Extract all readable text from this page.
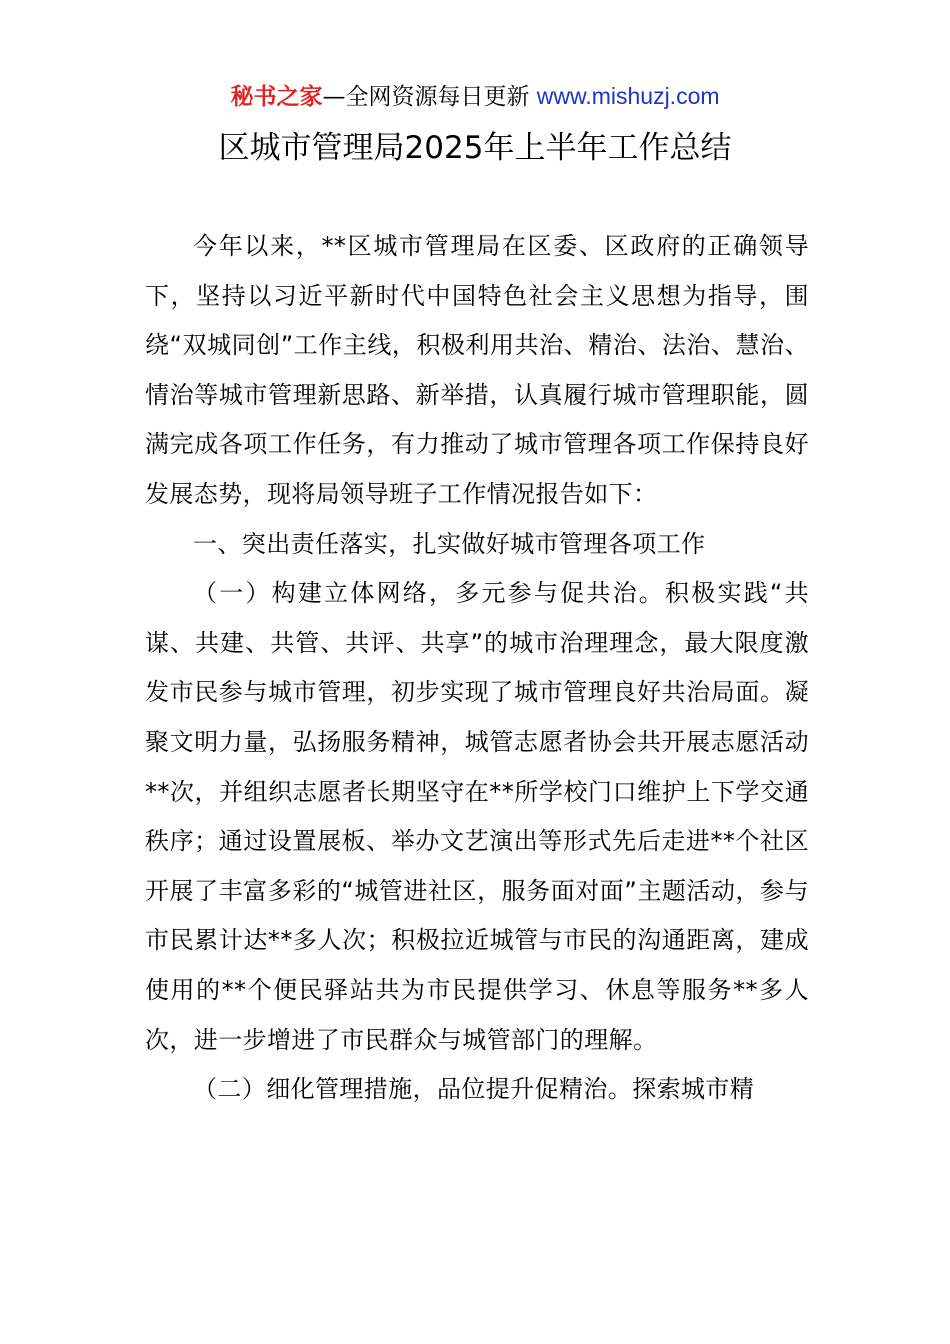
秘书之家—全网资源每日更新 www.mishuzj.com
区城市管理局2025年上半年工作总结

今年以来，**区城市管理局在区委、区政府的正确领导下，坚持以习近平新时代中国特色社会主义思想为指导，围绕“双城同创”工作主线，积极利用共治、精治、法治、慧治、情治等城市管理新思路、新举措，认真履行城市管理职能，圆满完成各项工作任务，有力推动了城市管理各项工作保持良好发展态势，现将局领导班子工作情况报告如下：

一、突出责任落实，扎实做好城市管理各项工作

（一）构建立体网络，多元参与促共治。积极实践“共谋、共建、共管、共评、共享”的城市治理理念，最大限度激发市民参与城市管理，初步实现了城市管理良好共治局面。凝聚文明力量，弘扬服务精神，城管志愿者协会共开展志愿活动**次，并组织志愿者长期坚守在**所学校门口维护上下学交通秩序；通过设置展板、举办文艺演出等形式先后走进**个社区开展了丰富多彩的“城管进社区，服务面对面”主题活动，参与市民累计达**多人次；积极拉近城管与市民的沟通距离，建成使用的**个便民驿站共为市民提供学习、休息等服务**多人次，进一步增进了市民群众与城管部门的理解。

（二）细化管理措施，品位提升促精治。探索城市精
